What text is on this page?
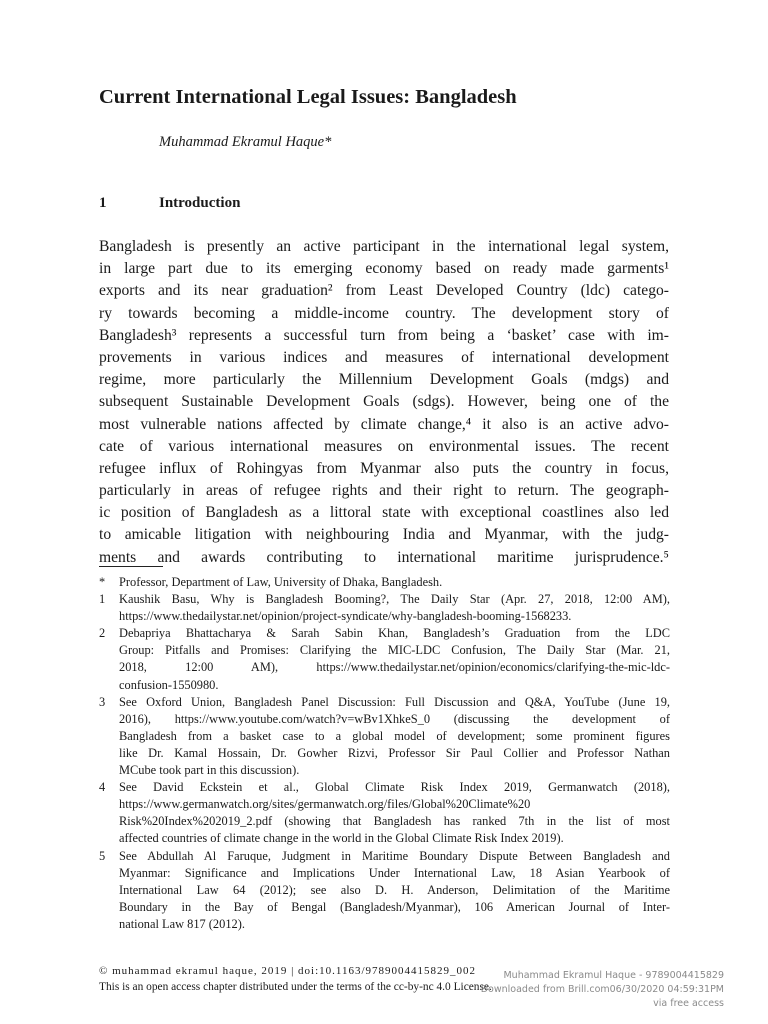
Current International Legal Issues: Bangladesh
Muhammad Ekramul Haque*
1	Introduction
Bangladesh is presently an active participant in the international legal system,
in large part due to its emerging economy based on ready made garments¹
exports and its near graduation² from Least Developed Country (ldc) catego-
ry towards becoming a middle-income country. The development story of
Bangladesh³ represents a successful turn from being a ‘basket’ case with im-
provements in various indices and measures of international development
regime, more particularly the Millennium Development Goals (mdgs) and
subsequent Sustainable Development Goals (sdgs). However, being one of the
most vulnerable nations affected by climate change,⁴ it also is an active advo-
cate of various international measures on environmental issues. The recent
refugee influx of Rohingyas from Myanmar also puts the country in focus,
particularly in areas of refugee rights and their right to return. The geograph-
ic position of Bangladesh as a littoral state with exceptional coastlines also led
to amicable litigation with neighbouring India and Myanmar, with the judg-
ments and awards contributing to international maritime jurisprudence.⁵
*	Professor, Department of Law, University of Dhaka, Bangladesh.
1	Kaushik Basu, Why is Bangladesh Booming?, The Daily Star (Apr. 27, 2018, 12:00 AM),
https://www.thedailystar.net/opinion/project-syndicate/why-bangladesh-booming-1568233.
2	Debapriya Bhattacharya & Sarah Sabin Khan, Bangladesh’s Graduation from the LDC
Group: Pitfalls and Promises: Clarifying the MIC-LDC Confusion, The Daily Star (Mar. 21,
2018, 12:00 AM), https://www.thedailystar.net/opinion/economics/clarifying-the-mic-ldc-
confusion-1550980.
3	See Oxford Union, Bangladesh Panel Discussion: Full Discussion and Q&A, YouTube (June 19,
2016), https://www.youtube.com/watch?v=wBv1XhkeS_0 (discussing the development of
Bangladesh from a basket case to a global model of development; some prominent figures
like Dr. Kamal Hossain, Dr. Gowher Rizvi, Professor Sir Paul Collier and Professor Nathan
MCube took part in this discussion).
4	See David Eckstein et al., Global Climate Risk Index 2019, Germanwatch (2018),
https://www.germanwatch.org/sites/germanwatch.org/files/Global%20Climate%20
Risk%20Index%202019_2.pdf (showing that Bangladesh has ranked 7th in the list of most
affected countries of climate change in the world in the Global Climate Risk Index 2019).
5	See Abdullah Al Faruque, Judgment in Maritime Boundary Dispute Between Bangladesh and
Myanmar: Significance and Implications Under International Law, 18 Asian Yearbook of
International Law 64 (2012); see also D. H. Anderson, Delimitation of the Maritime
Boundary in the Bay of Bengal (Bangladesh/Myanmar), 106 American Journal of Inter-
national Law 817 (2012).
© muhammad ekramul haque, 2019 | doi:10.1163/9789004415829_002
This is an open access chapter distributed under the terms of the cc-by-nc 4.0 License.
Muhammad Ekramul Haque - 9789004415829
Downloaded from Brill.com06/30/2020 04:59:31PM
via free access
